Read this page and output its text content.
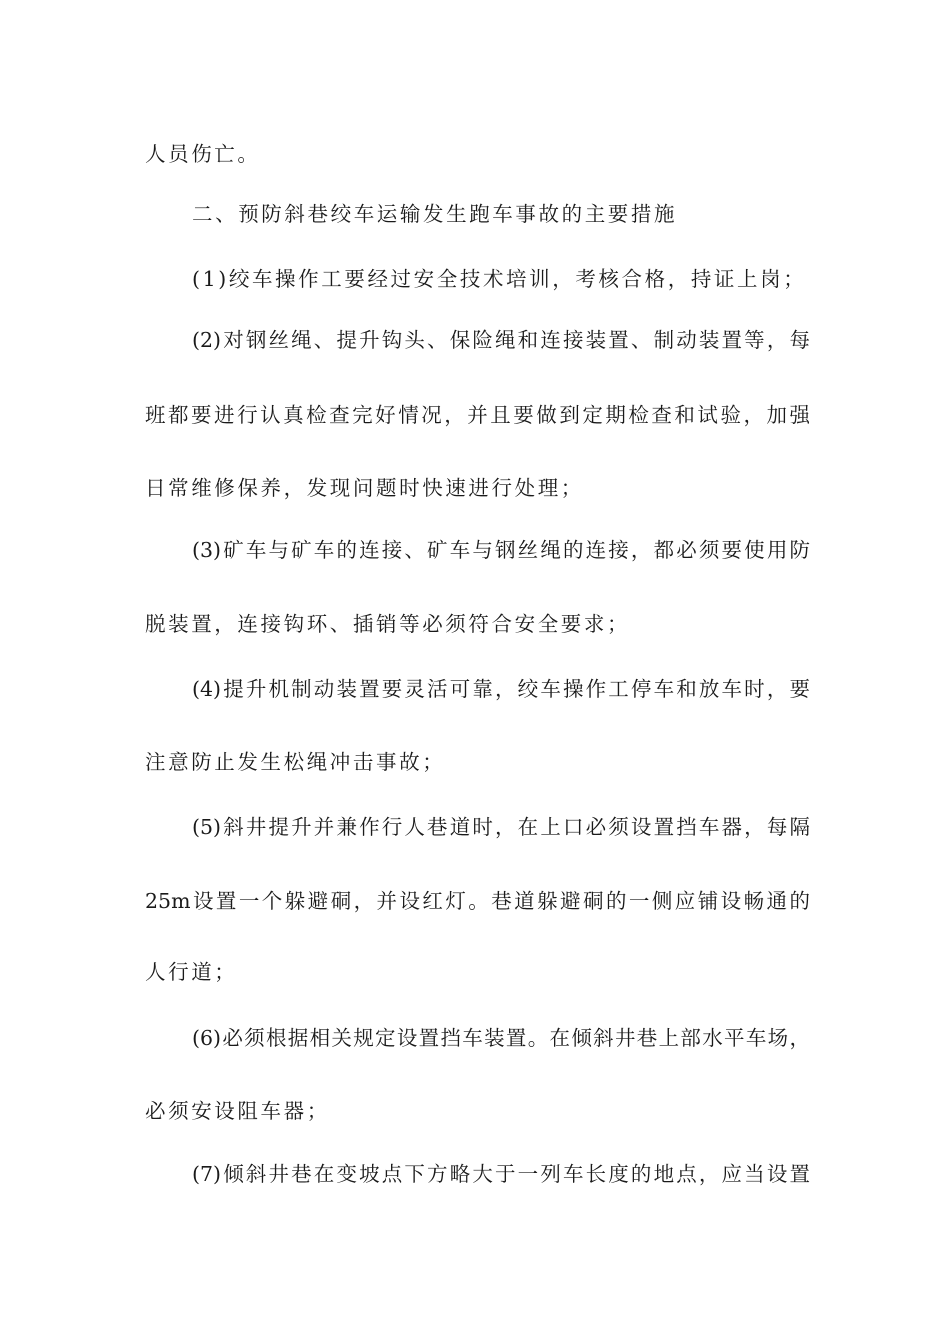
人员伤亡。
二、预防斜巷绞车运输发生跑车事故的主要措施
(1)绞车操作工要经过安全技术培训，考核合格，持证上岗；
(2)对钢丝绳、提升钩头、保险绳和连接装置、制动装置等，每
班都要进行认真检查完好情况，并且要做到定期检查和试验，加强
日常维修保养，发现问题时快速进行处理；
(3)矿车与矿车的连接、矿车与钢丝绳的连接，都必须要使用防
脱装置，连接钩环、插销等必须符合安全要求；
(4)提升机制动装置要灵活可靠，绞车操作工停车和放车时，要
注意防止发生松绳冲击事故；
(5)斜井提升并兼作行人巷道时，在上口必须设置挡车器，每隔
25m设置一个躲避硐，并设红灯。巷道躲避硐的一侧应铺设畅通的
人行道；
(6)必须根据相关规定设置挡车装置。在倾斜井巷上部水平车场，
必须安设阻车器；
(7)倾斜井巷在变坡点下方略大于一列车长度的地点，应当设置
